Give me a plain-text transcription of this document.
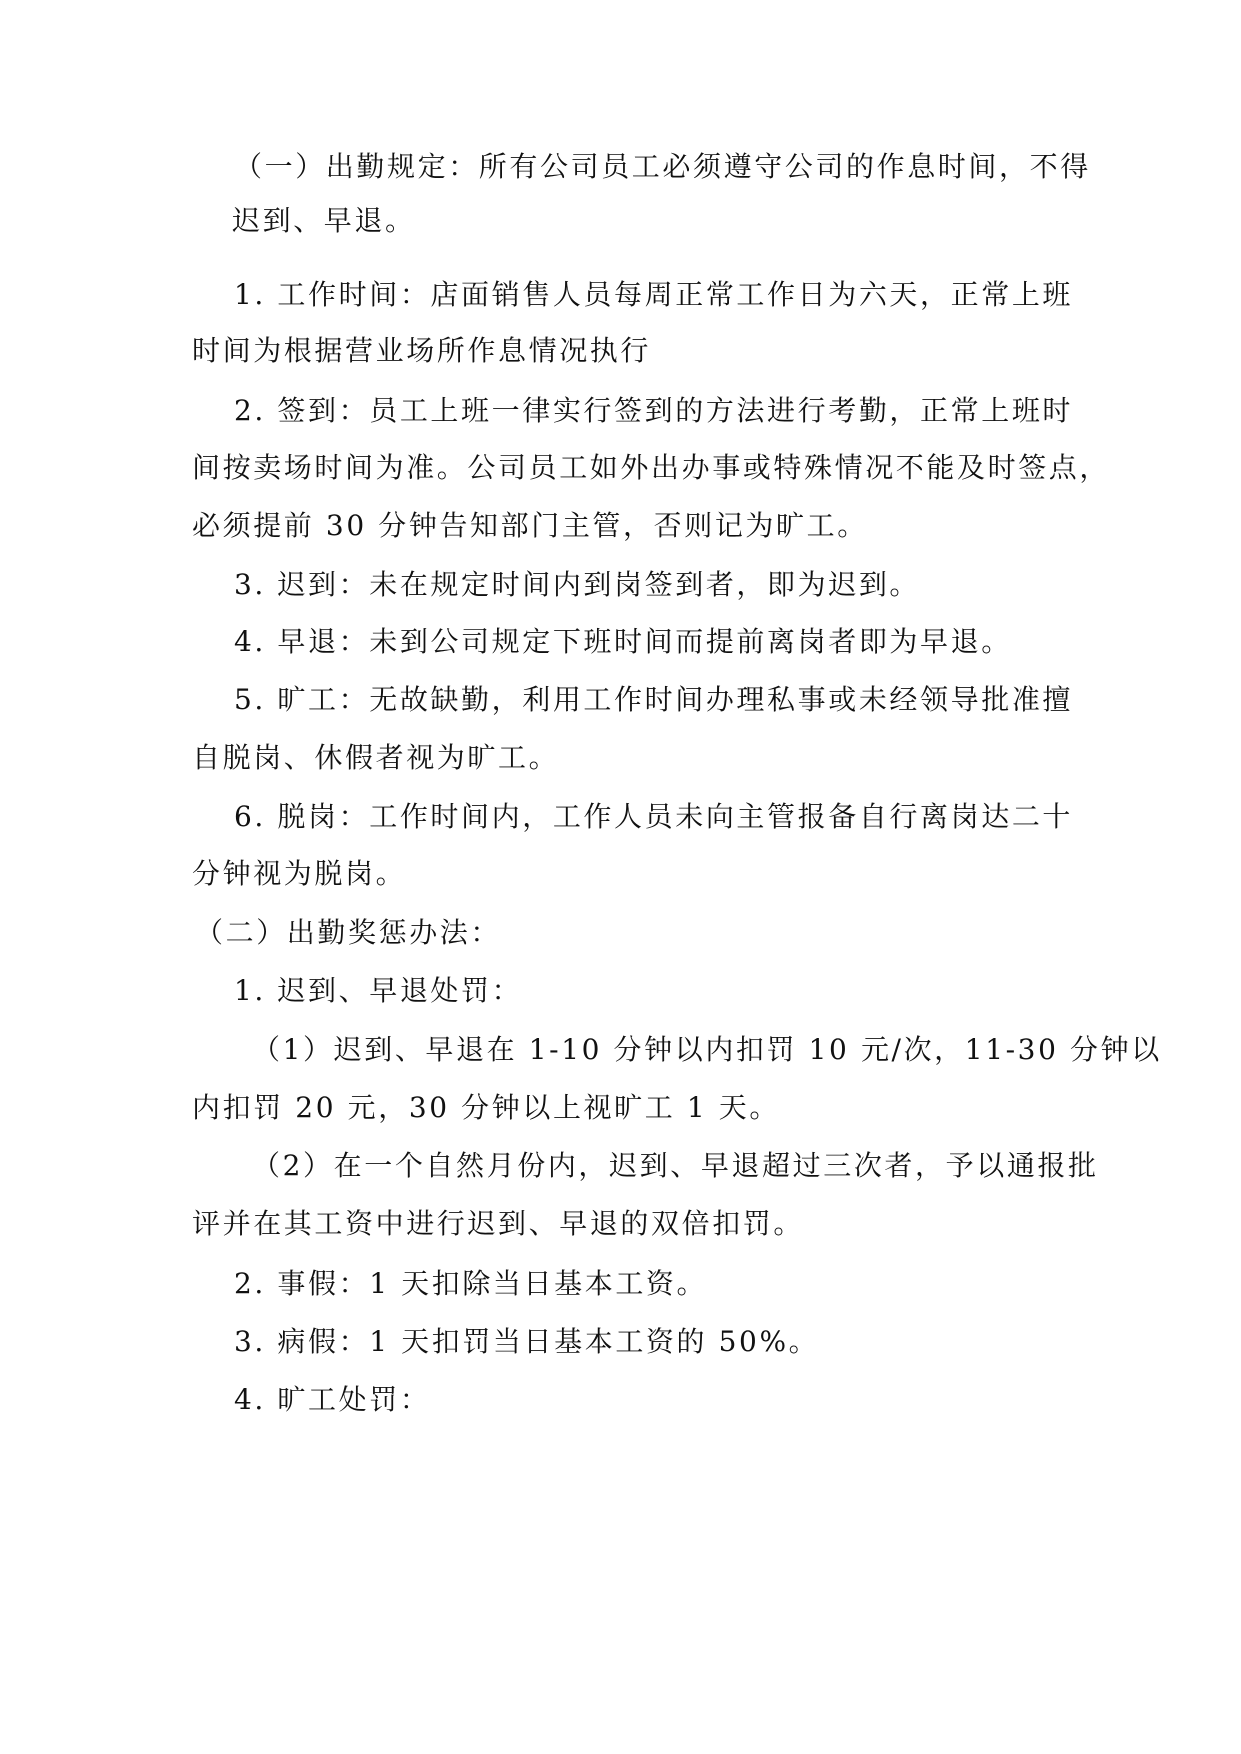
（一）出勤规定：所有公司员工必须遵守公司的作息时间，不得
迟到、早退。
1. 工作时间：店面销售人员每周正常工作日为六天，正常上班
时间为根据营业场所作息情况执行
2. 签到：员工上班一律实行签到的方法进行考勤，正常上班时
间按卖场时间为准。公司员工如外出办事或特殊情况不能及时签点，
必须提前 30 分钟告知部门主管，否则记为旷工。
3. 迟到：未在规定时间内到岗签到者，即为迟到。
4. 早退：未到公司规定下班时间而提前离岗者即为早退。
5. 旷工：无故缺勤，利用工作时间办理私事或未经领导批准擅
自脱岗、休假者视为旷工。
6. 脱岗：工作时间内，工作人员未向主管报备自行离岗达二十
分钟视为脱岗。
（二）出勤奖惩办法：
1. 迟到、早退处罚：
（1）迟到、早退在 1-10 分钟以内扣罚 10 元/次，11-30 分钟以
内扣罚 20 元，30 分钟以上视旷工 1 天。
（2）在一个自然月份内，迟到、早退超过三次者，予以通报批
评并在其工资中进行迟到、早退的双倍扣罚。
2. 事假：1 天扣除当日基本工资。
3. 病假：1 天扣罚当日基本工资的 50%。
4. 旷工处罚：
